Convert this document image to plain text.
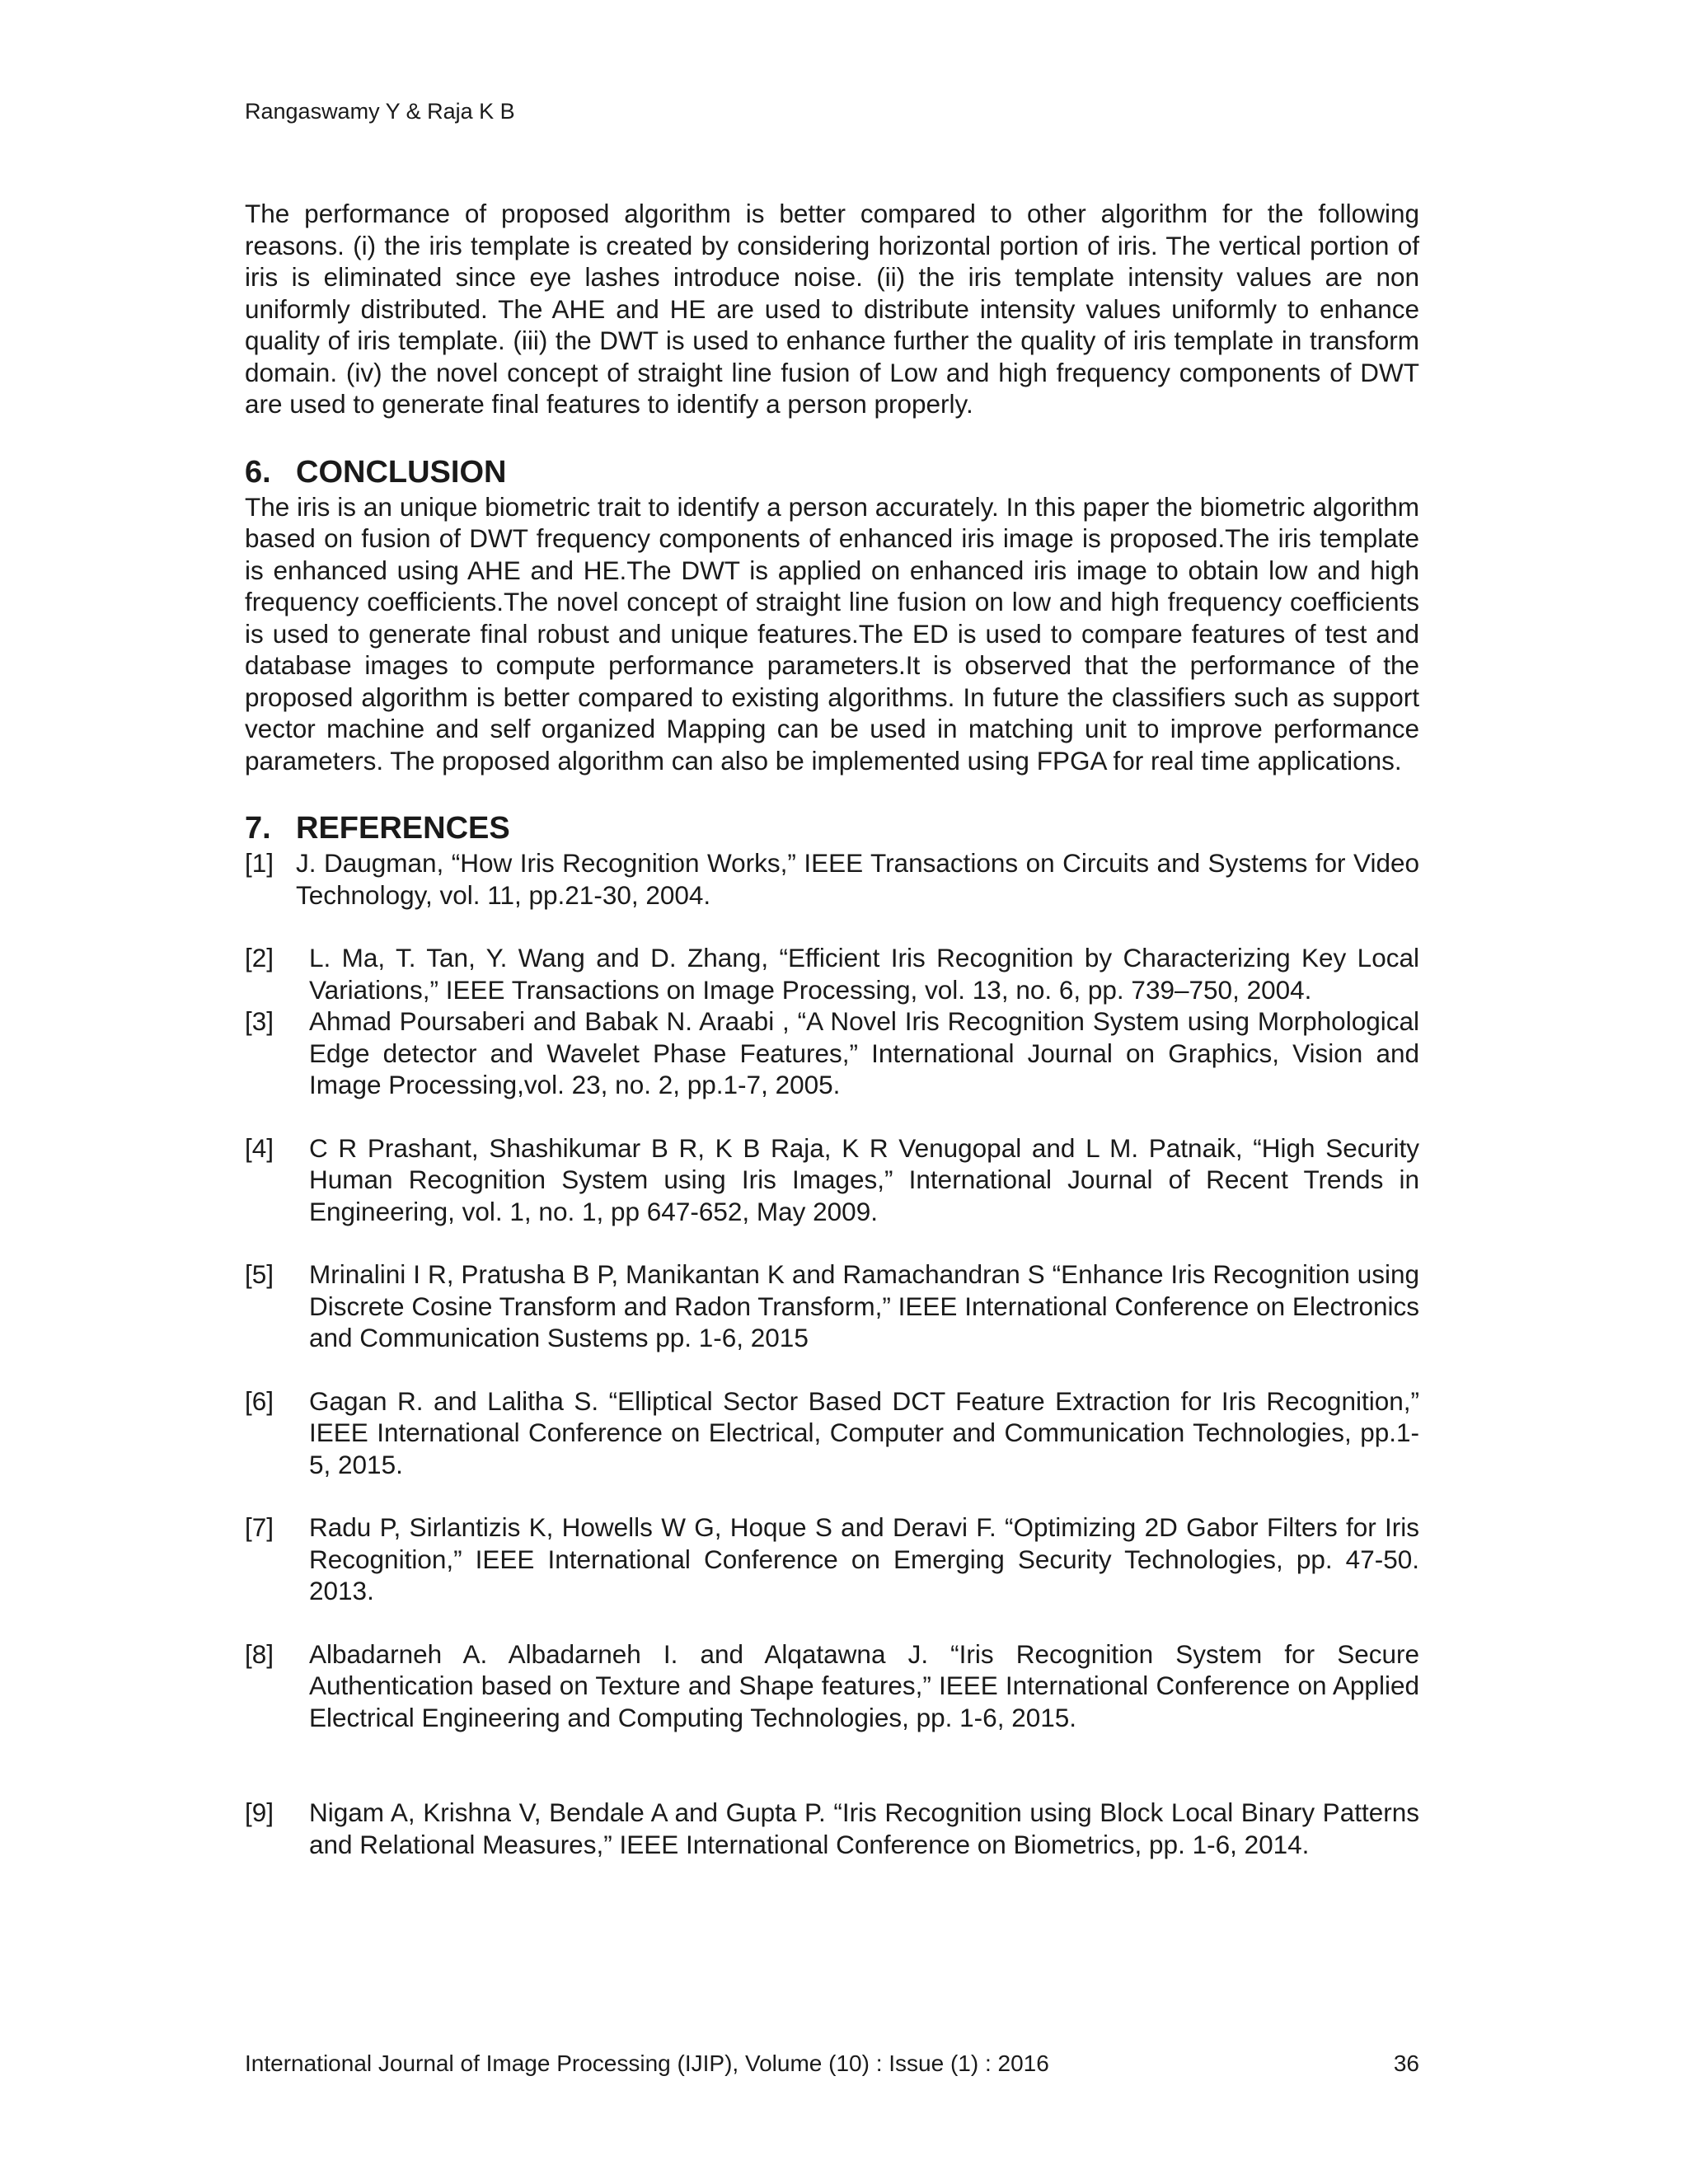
Rangaswamy Y & Raja K B

The performance of proposed algorithm is better compared to other algorithm for the following reasons. (i) the iris template is created by considering horizontal portion of iris. The vertical portion of iris is eliminated since eye lashes introduce noise. (ii) the iris template intensity values are non uniformly distributed. The AHE and HE are used to distribute intensity values uniformly to enhance quality of iris template. (iii) the DWT is used to enhance further the quality of iris template in transform domain. (iv) the novel concept of straight line fusion of Low and high frequency components of DWT are used to generate final features to identify a person properly.

6. CONCLUSION

The iris is an unique biometric trait to identify a person accurately. In this paper the biometric algorithm based on fusion of DWT frequency components of enhanced iris image is proposed.The iris template is enhanced using AHE and HE.The DWT is applied on enhanced iris image to obtain low and high frequency coefficients.The novel concept of straight line fusion on low and high frequency coefficients is used to generate final robust and unique features.The ED is used to compare features of test and database images to compute performance parameters.It is observed that the performance of the proposed algorithm is better compared to existing algorithms. In future the classifiers such as support vector machine and self organized Mapping can be used in matching unit to improve performance parameters. The proposed algorithm can also be implemented using FPGA for real time applications.

7. REFERENCES
[1] J. Daugman, “How Iris Recognition Works,” IEEE Transactions on Circuits and Systems for Video Technology, vol. 11, pp.21-30, 2004.
[2] L. Ma, T. Tan, Y. Wang and D. Zhang, “Efficient Iris Recognition by Characterizing Key Local Variations,” IEEE Transactions on Image Processing, vol. 13, no. 6, pp. 739–750, 2004.
[3] Ahmad Poursaberi and Babak N. Araabi , “A Novel Iris Recognition System using Morphological Edge detector and Wavelet Phase Features,” International Journal on Graphics, Vision and Image Processing,vol. 23, no. 2, pp.1-7, 2005.
[4] C R Prashant, Shashikumar B R, K B Raja, K R Venugopal and L M. Patnaik, “High Security Human Recognition System using Iris Images,” International Journal of Recent Trends in Engineering, vol. 1, no. 1, pp 647-652, May 2009.
[5] Mrinalini I R, Pratusha B P, Manikantan K and Ramachandran S “Enhance Iris Recognition using Discrete Cosine Transform and Radon Transform,” IEEE International Conference on Electronics and Communication Sustems pp. 1-6, 2015
[6] Gagan R. and Lalitha S. “Elliptical Sector Based DCT Feature Extraction for Iris Recognition,” IEEE International Conference on Electrical, Computer and Communication Technologies, pp.1-5, 2015.
[7] Radu P, Sirlantizis K, Howells W G, Hoque S and Deravi F. “Optimizing 2D Gabor Filters for Iris Recognition,” IEEE International Conference on Emerging Security Technologies, pp. 47-50. 2013.
[8] Albadarneh A. Albadarneh I. and Alqatawna J. “Iris Recognition System for Secure Authentication based on Texture and Shape features,” IEEE International Conference on Applied Electrical Engineering and Computing Technologies, pp. 1-6, 2015.
[9] Nigam A, Krishna V, Bendale A and Gupta P. “Iris Recognition using Block Local Binary Patterns and Relational Measures,” IEEE International Conference on Biometrics, pp. 1-6, 2014.
International Journal of Image Processing (IJIP), Volume (10) : Issue (1) : 2016	36
